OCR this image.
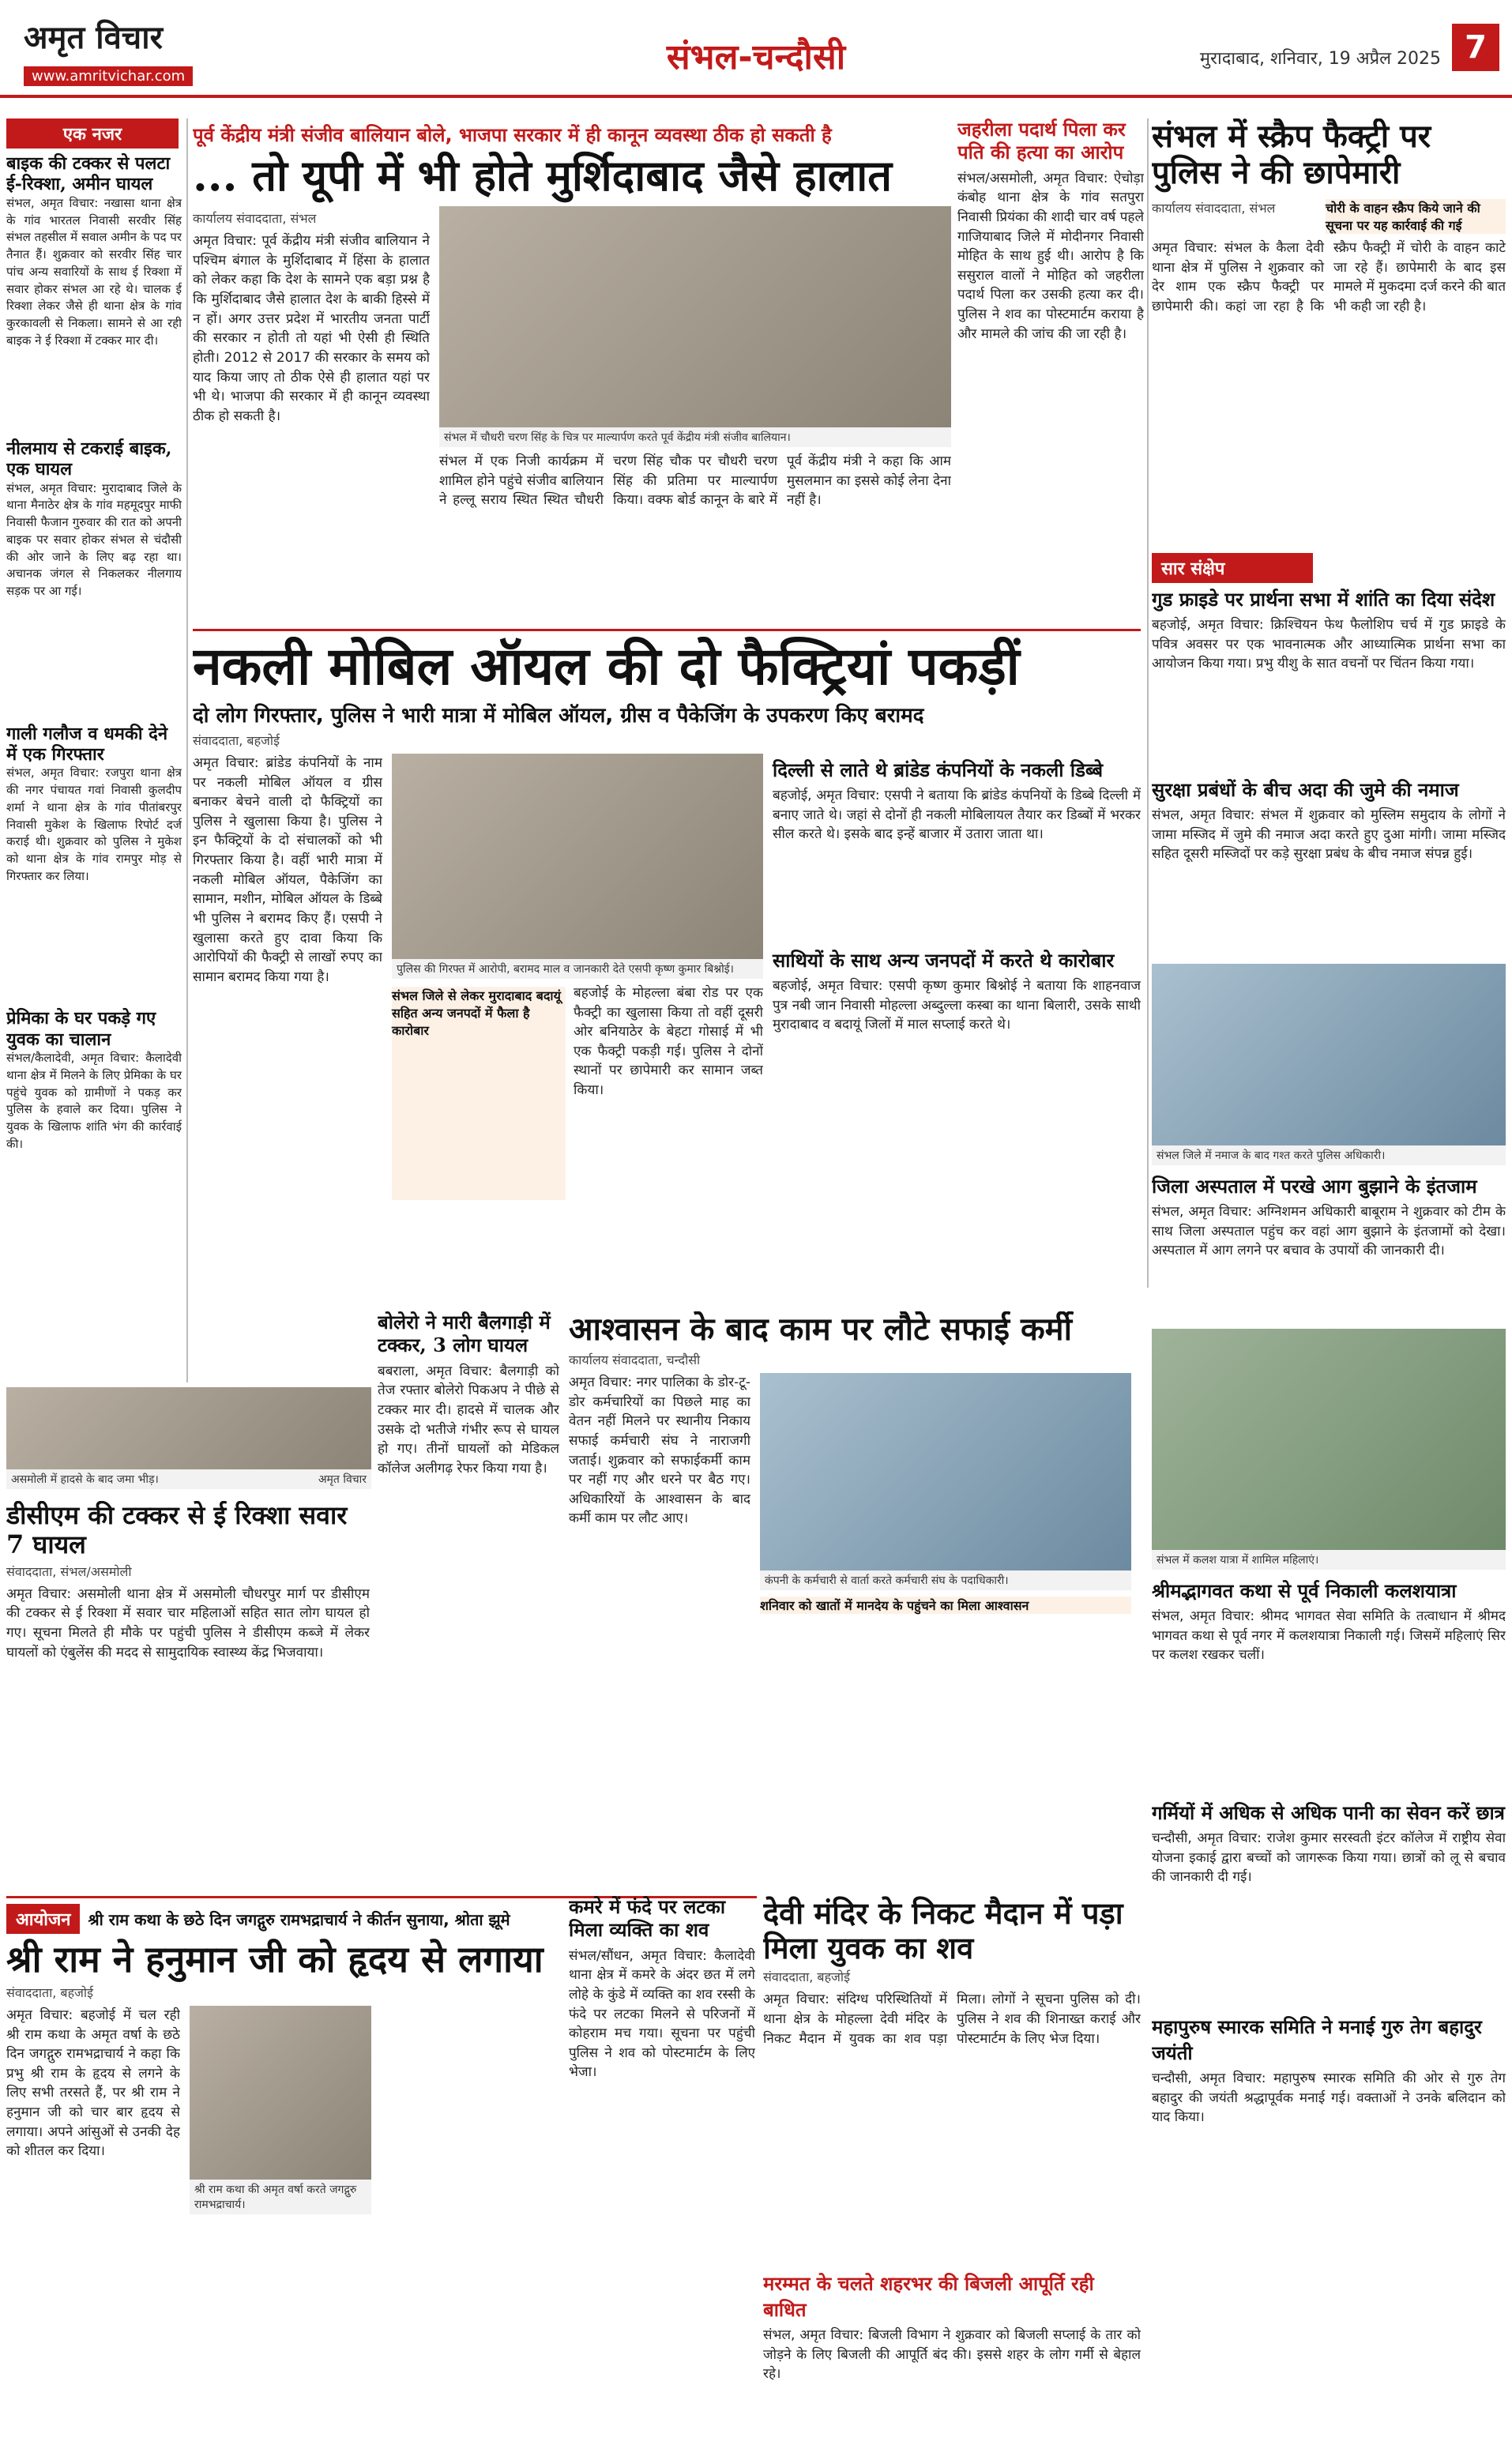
अमृत विचार
www.amritvichar.com	संभल-चन्दौसी	मुरादाबाद, शनिवार, 19 अप्रैल 2025 7
एक नजर
बाइक की टक्कर से पलटा ई-रिक्शा, अमीन घायल
संभल, अमृत विचार: नखासा थाना क्षेत्र के गांव भारतल निवासी सरवीर सिंह संभल तहसील में सवाल अमीन के पद पर तैनात हैं। शुक्रवार को सरवीर सिंह चार पांच अन्य सवारियों के साथ ई रिक्शा में सवार होकर संभल आ रहे थे। चालक ई रिक्शा लेकर जैसे ही थाना क्षेत्र के गांव कुरकावली से निकला। सामने से आ रही बाइक ने ई रिक्शा में टक्कर मार दी।
नीलमाय से टकराई बाइक, एक घायल
संभल, अमृत विचार: मुरादाबाद जिले के थाना मैनाठेर क्षेत्र के गांव महमूदपुर माफी निवासी फैजान गुरुवार की रात को अपनी बाइक पर सवार होकर संभल से चंदौसी की ओर जाने के लिए बढ़ रहा था। अचानक जंगल से निकलकर नीलगाय सड़क पर आ गई।
गाली गलौज व धमकी देने में एक गिरफ्तार
संभल, अमृत विचार: रजपुरा थाना क्षेत्र की नगर पंचायत गवां निवासी कुलदीप शर्मा ने थाना क्षेत्र के गांव पीतांबरपुर निवासी मुकेश के खिलाफ रिपोर्ट दर्ज कराई थी। शुक्रवार को पुलिस ने मुकेश को थाना क्षेत्र के गांव रामपुर मोड़ से गिरफ्तार कर लिया।
प्रेमिका के घर पकड़े गए युवक का चालान
संभल/कैलादेवी, अमृत विचार: कैलादेवी थाना क्षेत्र में मिलने के लिए प्रेमिका के घर पहुंचे युवक को ग्रामीणों ने पकड़ कर पुलिस के हवाले कर दिया। पुलिस ने युवक के खिलाफ शांति भंग की कार्रवाई की।
असमोली में हादसे के बाद जमा भीड़।	अमृत विचार
पूर्व केंद्रीय मंत्री संजीव बालियान बोले, भाजपा सरकार में ही कानून व्यवस्था ठीक हो सकती है
... तो यूपी में भी होते मुर्शिदाबाद जैसे हालात
कार्यालय संवाददाता, संभल
अमृत विचार: पूर्व केंद्रीय मंत्री संजीव बालियान ने पश्चिम बंगाल के मुर्शिदाबाद में हिंसा के हालात को लेकर कहा कि देश के सामने एक बड़ा प्रश्न है कि मुर्शिदाबाद जैसे हालात देश के बाकी हिस्से में न हों। अगर उत्तर प्रदेश में भारतीय जनता पार्टी की सरकार न होती तो यहां भी ऐसी ही स्थिति होती। 2012 से 2017 की सरकार के समय को याद किया जाए तो ठीक ऐसे ही हालात यहां पर भी थे। भाजपा की सरकार में ही कानून व्यवस्था ठीक हो सकती है।
संभल में चौधरी चरण सिंह के चित्र पर माल्यार्पण करते पूर्व केंद्रीय मंत्री संजीव बालियान।
संभल में एक निजी कार्यक्रम में शामिल होने पहुंचे संजीव बालियान ने हल्लू सराय स्थित स्थित चौधरी चरण सिंह चौक पर चौधरी चरण सिंह की प्रतिमा पर माल्यार्पण किया। वक्फ बोर्ड कानून के बारे में पूर्व केंद्रीय मंत्री ने कहा कि आम मुसलमान का इससे कोई लेना देना नहीं है।
जहरीला पदार्थ पिला कर पति की हत्या का आरोप
संभल/असमोली, अमृत विचार: ऐचोड़ा कंबोह थाना क्षेत्र के गांव सतपुरा निवासी प्रियंका की शादी चार वर्ष पहले गाजियाबाद जिले में मोदीनगर निवासी मोहित के साथ हुई थी। आरोप है कि ससुराल वालों ने मोहित को जहरीला पदार्थ पिला कर उसकी हत्या कर दी। पुलिस ने शव का पोस्टमार्टम कराया है और मामले की जांच की जा रही है।
संभल में स्क्रैप फैक्ट्री पर पुलिस ने की छापेमारी
कार्यालय संवाददाता, संभल	चोरी के वाहन स्क्रैप किये जाने की सूचना पर यह कार्रवाई की गई
अमृत विचार: संभल के कैला देवी थाना क्षेत्र में पुलिस ने शुक्रवार को देर शाम एक स्क्रैप फैक्ट्री पर छापेमारी की। कहां जा रहा है कि स्क्रैप फैक्ट्री में चोरी के वाहन काटे जा रहे हैं। छापेमारी के बाद इस मामले में मुकदमा दर्ज करने की बात भी कही जा रही है।
सार संक्षेप
गुड फ्राइडे पर प्रार्थना सभा में शांति का दिया संदेश
बहजोई, अमृत विचार: क्रिश्चियन फेथ फैलोशिप चर्च में गुड फ्राइडे के पवित्र अवसर पर एक भावनात्मक और आध्यात्मिक प्रार्थना सभा का आयोजन किया गया। प्रभु यीशु के सात वचनों पर चिंतन किया गया।
सुरक्षा प्रबंधों के बीच अदा की जुमे की नमाज
संभल, अमृत विचार: संभल में शुक्रवार को मुस्लिम समुदाय के लोगों ने जामा मस्जिद में जुमे की नमाज अदा करते हुए दुआ मांगी। जामा मस्जिद सहित दूसरी मस्जिदों पर कड़े सुरक्षा प्रबंध के बीच नमाज संपन्न हुई।
संभल जिले में नमाज के बाद गश्त करते पुलिस अधिकारी।
जिला अस्पताल में परखे आग बुझाने के इंतजाम
संभल, अमृत विचार: अग्निशमन अधिकारी बाबूराम ने शुक्रवार को टीम के साथ जिला अस्पताल पहुंच कर वहां आग बुझाने के इंतजामों को देखा। अस्पताल में आग लगने पर बचाव के उपायों की जानकारी दी।
संभल में कलश यात्रा में शामिल महिलाएं।
श्रीमद्भागवत कथा से पूर्व निकाली कलशयात्रा
संभल, अमृत विचार: श्रीमद भागवत सेवा समिति के तत्वाधान में श्रीमद भागवत कथा से पूर्व नगर में कलशयात्रा निकाली गई। जिसमें महिलाएं सिर पर कलश रखकर चलीं।
गर्मियों में अधिक से अधिक पानी का सेवन करें छात्र
चन्दौसी, अमृत विचार: राजेश कुमार सरस्वती इंटर कॉलेज में राष्ट्रीय सेवा योजना इकाई द्वारा बच्चों को जागरूक किया गया। छात्रों को लू से बचाव की जानकारी दी गई।
महापुरुष स्मारक समिति ने मनाई गुरु तेग बहादुर जयंती
चन्दौसी, अमृत विचार: महापुरुष स्मारक समिति की ओर से गुरु तेग बहादुर की जयंती श्रद्धापूर्वक मनाई गई। वक्ताओं ने उनके बलिदान को याद किया।
नकली मोबिल ऑयल की दो फैक्ट्रियां पकड़ीं
दो लोग गिरफ्तार, पुलिस ने भारी मात्रा में मोबिल ऑयल, ग्रीस व पैकेजिंग के उपकरण किए बरामद
संवाददाता, बहजोई
अमृत विचार: ब्रांडेड कंपनियों के नाम पर नकली मोबिल ऑयल व ग्रीस बनाकर बेचने वाली दो फैक्ट्रियों का पुलिस ने खुलासा किया है। पुलिस ने इन फैक्ट्रियों के दो संचालकों को भी गिरफ्तार किया है। वहीं भारी मात्रा में नकली मोबिल ऑयल, पैकेजिंग का सामान, मशीन, मोबिल ऑयल के डिब्बे भी पुलिस ने बरामद किए हैं। एसपी ने खुलासा करते हुए दावा किया कि आरोपियों की फैक्ट्री से लाखों रुपए का सामान बरामद किया गया है।
पुलिस की गिरफ्त में आरोपी, बरामद माल व जानकारी देते एसपी कृष्ण कुमार बिश्नोई।
संभल जिले से लेकर मुरादाबाद बदायूं सहित अन्य जनपदों में फैला है कारोबार
बहजोई के मोहल्ला बंबा रोड पर एक फैक्ट्री का खुलासा किया तो वहीं दूसरी ओर बनियाठेर के बेहटा गोसाई में भी एक फैक्ट्री पकड़ी गई। पुलिस ने दोनों स्थानों पर छापेमारी कर सामान जब्त किया।
दिल्ली से लाते थे ब्रांडेड कंपनियों के नकली डिब्बे
बहजोई, अमृत विचार: एसपी ने बताया कि ब्रांडेड कंपनियों के डिब्बे दिल्ली में बनाए जाते थे। जहां से दोनों ही नकली मोबिलायल तैयार कर डिब्बों में भरकर सील करते थे। इसके बाद इन्हें बाजार में उतारा जाता था।
साथियों के साथ अन्य जनपदों में करते थे कारोबार
बहजोई, अमृत विचार: एसपी कृष्ण कुमार बिश्नोई ने बताया कि शाहनवाज पुत्र नबी जान निवासी मोहल्ला अब्दुल्ला कस्बा का थाना बिलारी, उसके साथी मुरादाबाद व बदायूं जिलों में माल सप्लाई करते थे।
बोलेरो ने मारी बैलगाड़ी में टक्कर, 3 लोग घायल
बबराला, अमृत विचार: बैलगाड़ी को तेज रफ्तार बोलेरो पिकअप ने पीछे से टक्कर मार दी। हादसे में चालक और उसके दो भतीजे गंभीर रूप से घायल हो गए। तीनों घायलों को मेडिकल कॉलेज अलीगढ़ रेफर किया गया है।
आश्वासन के बाद काम पर लौटे सफाई कर्मी
कार्यालय संवाददाता, चन्दौसी
अमृत विचार: नगर पालिका के डोर-टू-डोर कर्मचारियों का पिछले माह का वेतन नहीं मिलने पर स्थानीय निकाय सफाई कर्मचारी संघ ने नाराजगी जताई। शुक्रवार को सफाईकर्मी काम पर नहीं गए और धरने पर बैठ गए। अधिकारियों के आश्वासन के बाद कर्मी काम पर लौट आए।
कंपनी के कर्मचारी से वार्ता करते कर्मचारी संघ के पदाधिकारी।
शनिवार को खातों में मानदेय के पहुंचने का मिला आश्वासन
डीसीएम की टक्कर से ई रिक्शा सवार 7 घायल
संवाददाता, संभल/असमोली
अमृत विचार: असमोली थाना क्षेत्र में असमोली चौधरपुर मार्ग पर डीसीएम की टक्कर से ई रिक्शा में सवार चार महिलाओं सहित सात लोग घायल हो गए। सूचना मिलते ही मौके पर पहुंची पुलिस ने डीसीएम कब्जे में लेकर घायलों को एंबुलेंस की मदद से सामुदायिक स्वास्थ्य केंद्र भिजवाया।
आयोजन	श्री राम कथा के छठे दिन जगद्गुरु रामभद्राचार्य ने कीर्तन सुनाया, श्रोता झूमे
श्री राम ने हनुमान जी को हृदय से लगाया
संवाददाता, बहजोई
अमृत विचार: बहजोई में चल रही श्री राम कथा के अमृत वर्षा के छठे दिन जगद्गुरु रामभद्राचार्य ने कहा कि प्रभु श्री राम के हृदय से लगने के लिए सभी तरसते हैं, पर श्री राम ने हनुमान जी को चार बार हृदय से लगाया। अपने आंसुओं से उनकी देह को शीतल कर दिया।
श्री राम कथा की अमृत वर्षा करते जगद्गुरु रामभद्राचार्य।
कमरे में फंदे पर लटका मिला व्यक्ति का शव
संभल/सौंधन, अमृत विचार: कैलादेवी थाना क्षेत्र में कमरे के अंदर छत में लगे लोहे के कुंडे में व्यक्ति का शव रस्सी के फंदे पर लटका मिलने से परिजनों में कोहराम मच गया। सूचना पर पहुंची पुलिस ने शव को पोस्टमार्टम के लिए भेजा।
देवी मंदिर के निकट मैदान में पड़ा मिला युवक का शव
संवाददाता, बहजोई
अमृत विचार: संदिग्ध परिस्थितियों में थाना क्षेत्र के मोहल्ला देवी मंदिर के निकट मैदान में युवक का शव पड़ा मिला। लोगों ने सूचना पुलिस को दी। पुलिस ने शव की शिनाख्त कराई और पोस्टमार्टम के लिए भेज दिया।
मरम्मत के चलते शहरभर की बिजली आपूर्ति रही बाधित
संभल, अमृत विचार: बिजली विभाग ने शुक्रवार को बिजली सप्लाई के तार को जोड़ने के लिए बिजली की आपूर्ति बंद की। इससे शहर के लोग गर्मी से बेहाल रहे।
